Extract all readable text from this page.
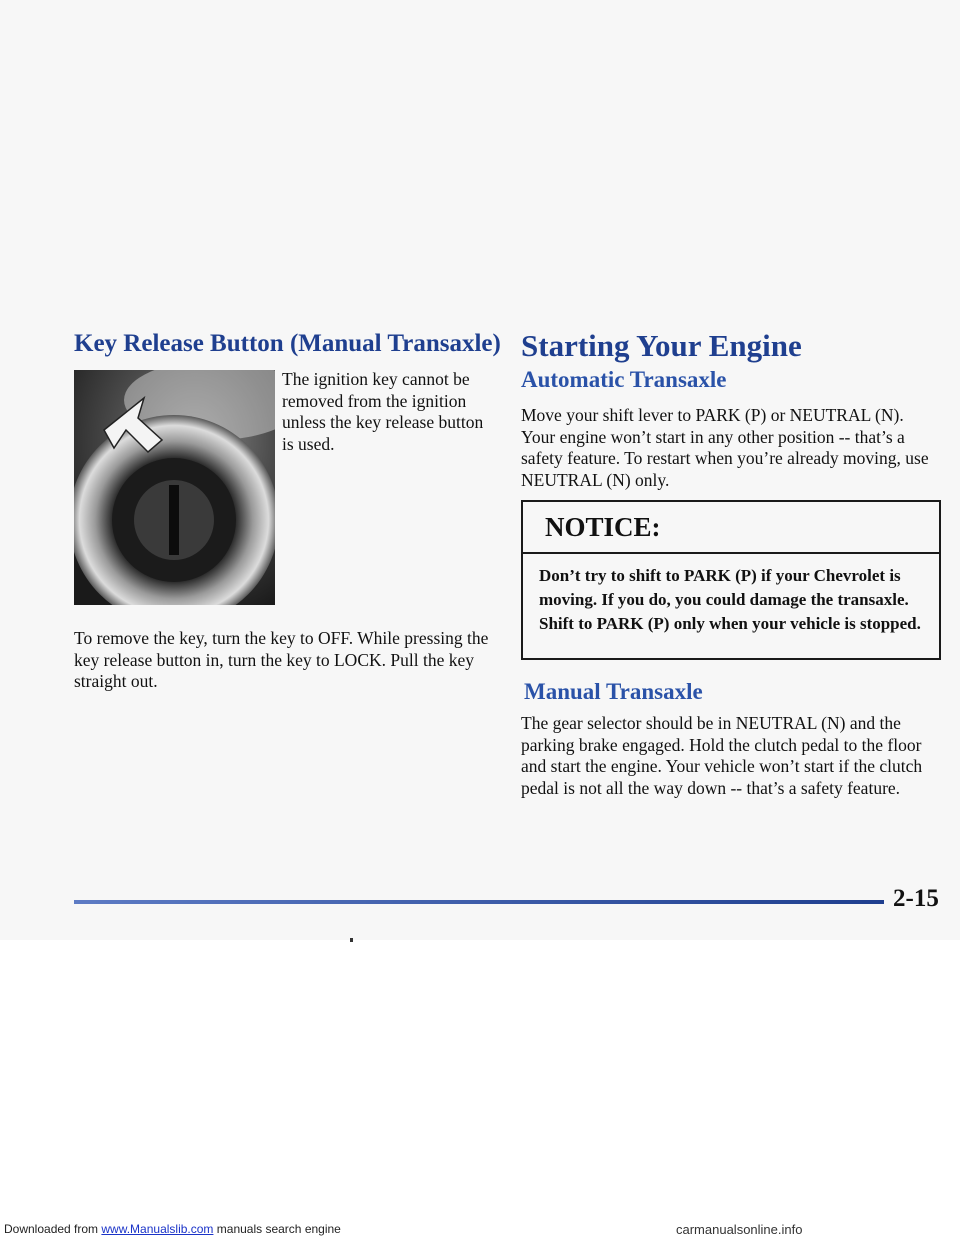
Key Release Button (Manual Transaxle)

The ignition key cannot be removed from the ignition unless the key release button is used.

To remove the key, turn the key to OFF. While pressing the key release button in, turn the key to LOCK. Pull the key straight out.

Starting Your Engine
Automatic Transaxle

Move your shift lever to PARK (P) or NEUTRAL (N). Your engine won’t start in any other position -- that’s a safety feature. To restart when you’re already moving, use NEUTRAL (N) only.

NOTICE:

Don’t try to shift to PARK (P) if your Chevrolet is moving. If you do, you could damage the transaxle. Shift to PARK (P) only when your vehicle is stopped.

Manual Transaxle

The gear selector should be in NEUTRAL (N) and the parking brake engaged. Hold the clutch pedal to the floor and start the engine. Your vehicle won’t start if the clutch pedal is not all the way down -- that’s a safety feature.

2-15
Downloaded from www.Manualslib.com manuals search engine	carmanualsonline.info
